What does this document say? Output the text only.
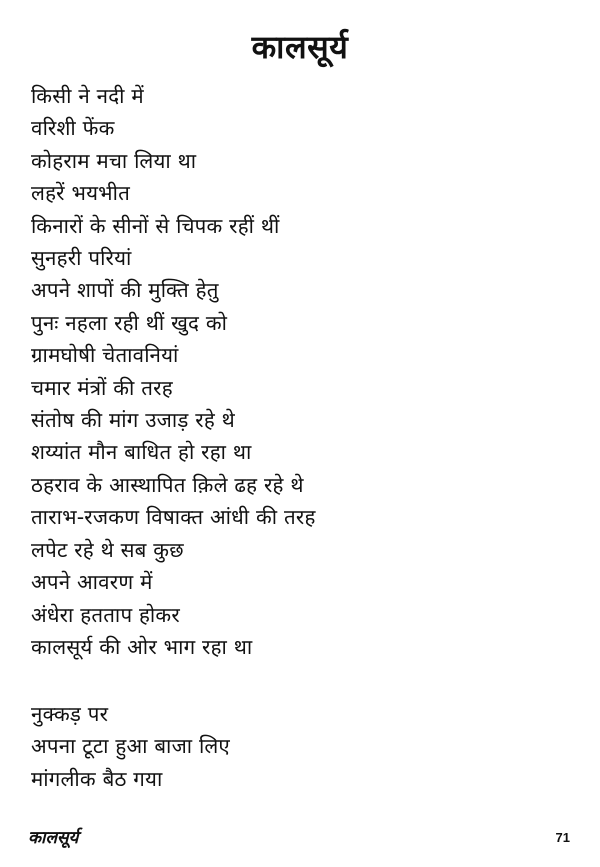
कालसूर्य
किसी ने नदी में
वरिशी फेंक
कोहराम मचा लिया था
लहरें भयभीत
किनारों के सीनों से चिपक रहीं थीं
सुनहरी परियां
अपने शापों की मुक्ति हेतु
पुनः नहला रही थीं खुद को
ग्रामघोषी चेतावनियां
चमार मंत्रों की तरह
संतोष की मांग उजाड़ रहे थे
शय्यांत मौन बाधित हो रहा था
ठहराव के आस्थापित क़िले ढह रहे थे
ताराभ-रजकण विषाक्त आंधी की तरह
लपेट रहे थे सब कुछ
अपने आवरण में
अंधेरा हतताप होकर
कालसूर्य की ओर भाग रहा था
नुक्कड़ पर
अपना टूटा हुआ बाजा लिए
मांगलीक बैठ गया
कालसूर्य	71
